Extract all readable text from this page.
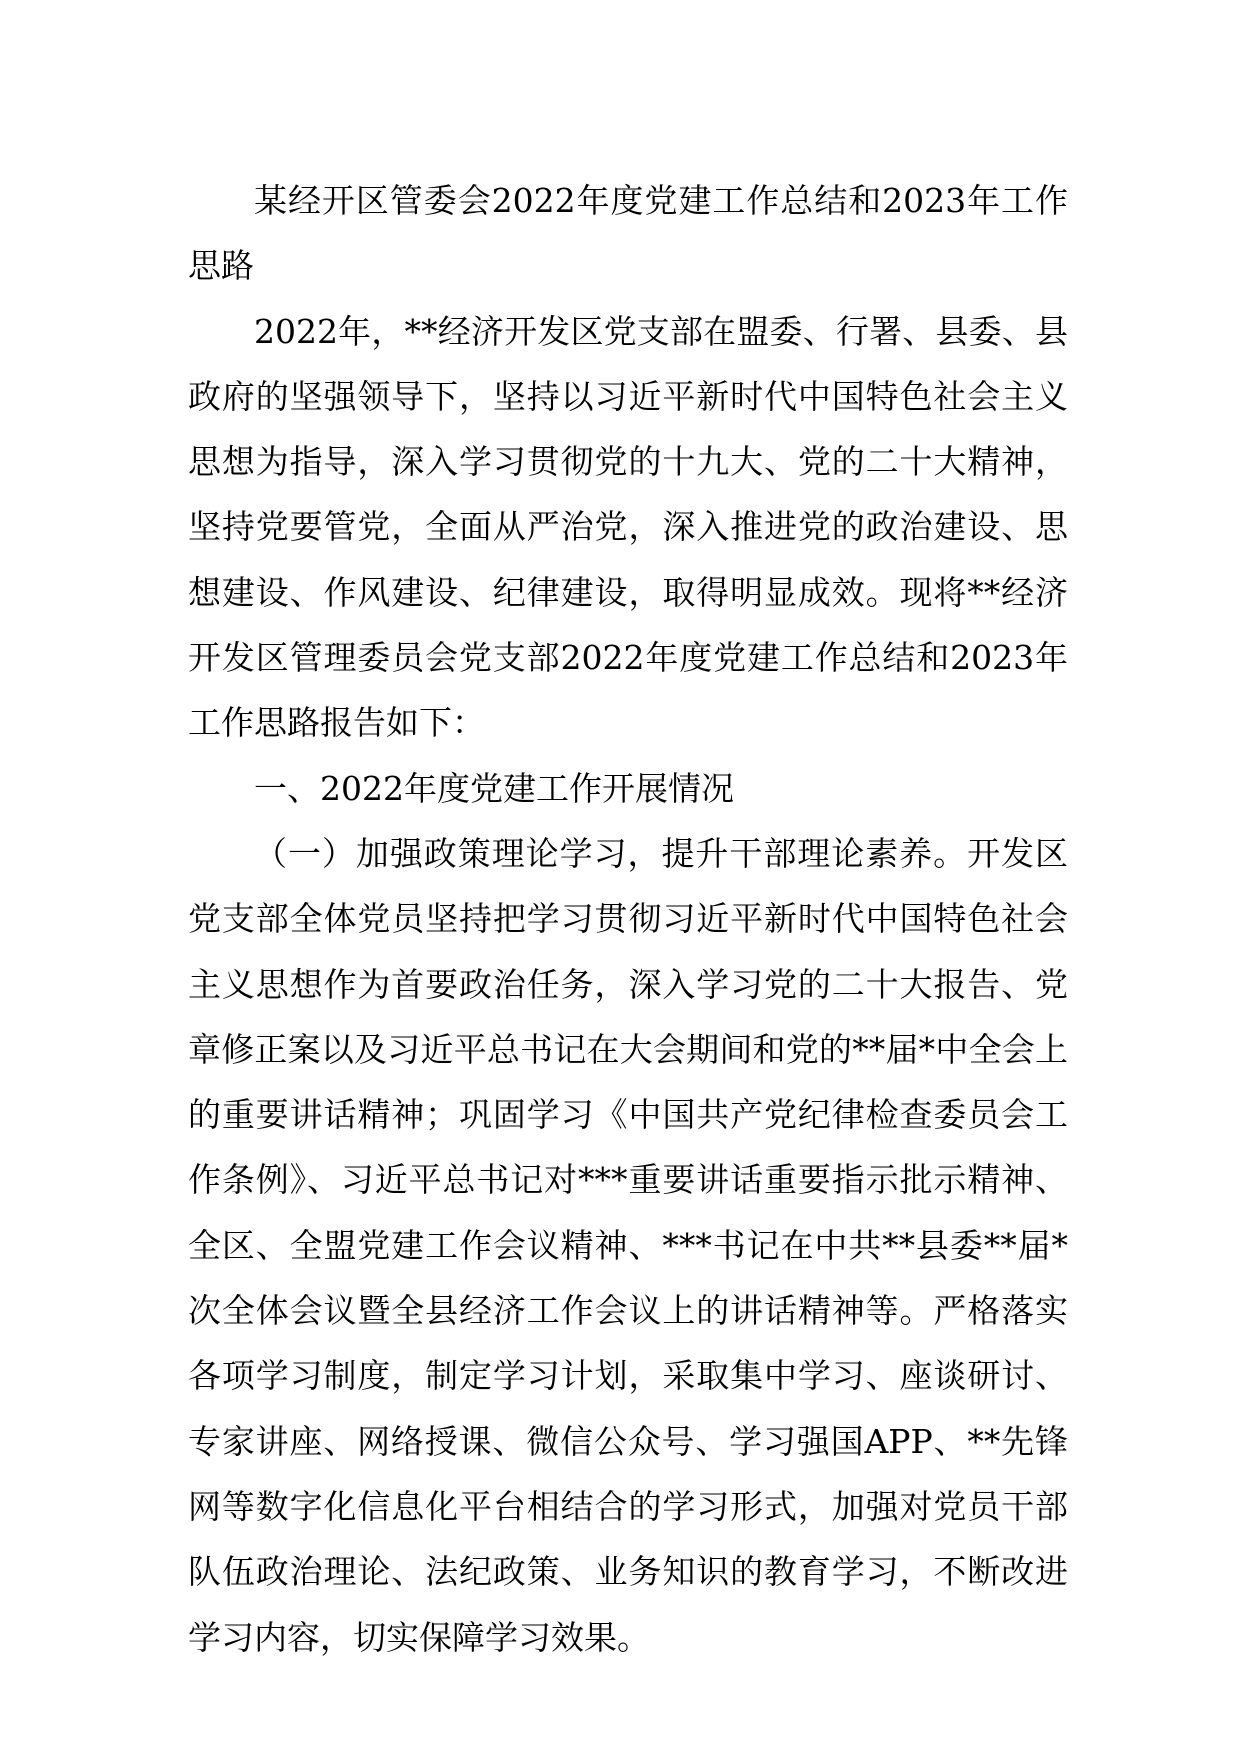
某经开区管委会2022年度党建工作总结和2023年工作思路

2022年，**经济开发区党支部在盟委、行署、县委、县政府的坚强领导下，坚持以习近平新时代中国特色社会主义思想为指导，深入学习贯彻党的十九大、党的二十大精神，坚持党要管党，全面从严治党，深入推进党的政治建设、思想建设、作风建设、纪律建设，取得明显成效。现将**经济开发区管理委员会党支部2022年度党建工作总结和2023年工作思路报告如下：

一、2022年度党建工作开展情况

（一）加强政策理论学习，提升干部理论素养。开发区党支部全体党员坚持把学习贯彻习近平新时代中国特色社会主义思想作为首要政治任务，深入学习党的二十大报告、党章修正案以及习近平总书记在大会期间和党的**届*中全会上的重要讲话精神；巩固学习《中国共产党纪律检查委员会工作条例》、习近平总书记对***重要讲话重要指示批示精神、全区、全盟党建工作会议精神、***书记在中共**县委**届*次全体会议暨全县经济工作会议上的讲话精神等。严格落实各项学习制度，制定学习计划，采取集中学习、座谈研讨、专家讲座、网络授课、微信公众号、学习强国APP、**先锋网等数字化信息化平台相结合的学习形式，加强对党员干部队伍政治理论、法纪政策、业务知识的教育学习，不断改进学习内容，切实保障学习效果。
